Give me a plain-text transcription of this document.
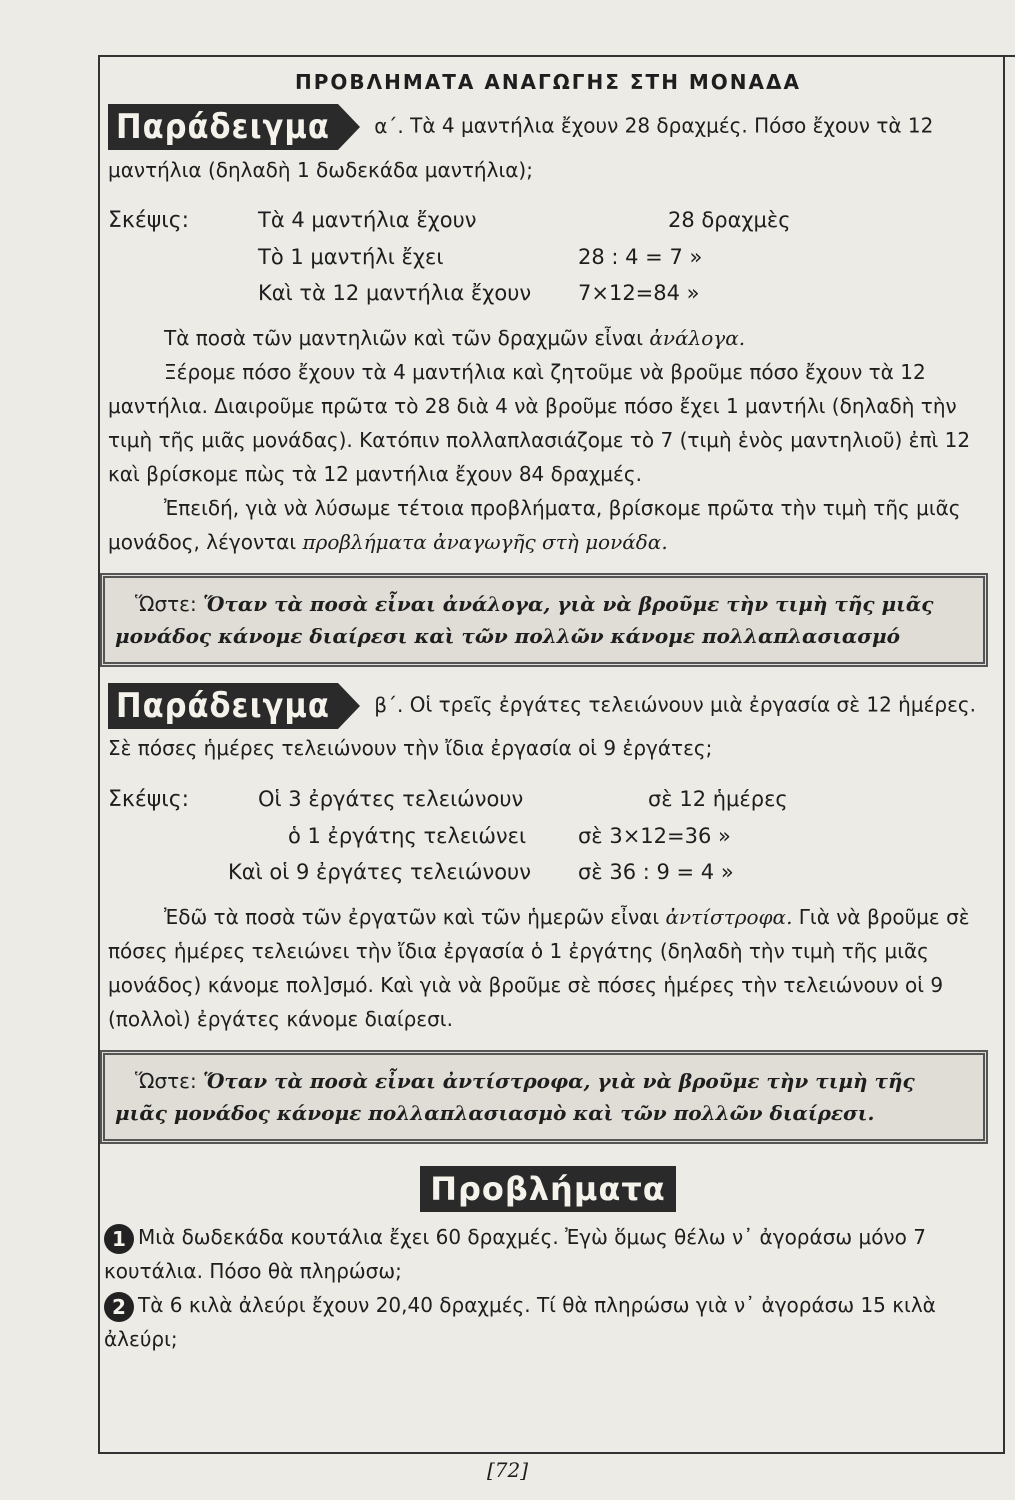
ΠΡΟΒΛΗΜΑΤΑ ΑΝΑΓΩΓΗΣ ΣΤΗ ΜΟΝΑΔΑ

Παράδειγμα α΄. Τὰ 4 μαντήλια ἔχουν 28 δραχμές. Πόσο ἔχουν τὰ 12 μαντήλια (δηλαδὴ 1 δωδεκάδα μαντήλια);

Σκέψις:	Τὰ 4 μαντήλια ἔχουν	28 δραχμὲς
Τὸ 1 μαντήλι ἔχει	28 : 4 = 7 »
Καὶ τὰ 12 μαντήλια ἔχουν 7×12=84 »

Τὰ ποσὰ τῶν μαντηλιῶν καὶ τῶν δραχμῶν εἶναι ἀνάλογα.

Ξέρομε πόσο ἔχουν τὰ 4 μαντήλια καὶ ζητοῦμε νὰ βροῦμε πόσο ἔχουν τὰ 12 μαντήλια. Διαιροῦμε πρῶτα τὸ 28 διὰ 4 νὰ βροῦμε πόσο ἔχει 1 μαντήλι (δηλαδὴ τὴν τιμὴ τῆς μιᾶς μονάδας). Κατόπιν πολλαπλασιάζομε τὸ 7 (τιμὴ ἑνὸς μαντηλιοῦ) ἐπὶ 12 καὶ βρίσκομε πὼς τὰ 12 μαντήλια ἔχουν 84 δραχμές.

Ἐπειδή, γιὰ νὰ λύσωμε τέτοια προβλήματα, βρίσκομε πρῶτα τὴν τιμὴ τῆς μιᾶς μονάδος, λέγονται προβλήματα ἀναγωγῆς στὴ μονάδα.

Ὥστε: Ὅταν τὰ ποσὰ εἶναι ἀνάλογα, γιὰ νὰ βροῦμε τὴν τιμὴ τῆς μιᾶς μονάδος κάνομε διαίρεσι καὶ τῶν πολλῶν κάνομε πολλαπλασιασμό

Παράδειγμα β΄. Οἱ τρεῖς ἐργάτες τελειώνουν μιὰ ἐργασία σὲ 12 ἡμέρες. Σὲ πόσες ἡμέρες τελειώνουν τὴν ἴδια ἐργασία οἱ 9 ἐργάτες;

Σκέψις:	Οἱ 3 ἐργάτες τελειώνουν	σὲ 12 ἡμέρες
ὁ 1 ἐργάτης τελειώνει σὲ 3×12=36 »
Καὶ οἱ 9 ἐργάτες τελειώνουν σὲ 36 : 9 = 4 »

Ἐδῶ τὰ ποσὰ τῶν ἐργατῶν καὶ τῶν ἡμερῶν εἶναι ἀντίστροφα. Γιὰ νὰ βροῦμε σὲ πόσες ἡμέρες τελειώνει τὴν ἴδια ἐργασία ὁ 1 ἐργάτης (δηλαδὴ τὴν τιμὴ τῆς μιᾶς μονάδος) κάνομε πολ]σμό. Καὶ γιὰ νὰ βροῦμε σὲ πόσες ἡμέρες τὴν τελειώνουν οἱ 9 (πολλοὶ) ἐργάτες κάνομε διαίρεσι.

Ὥστε: Ὅταν τὰ ποσὰ εἶναι ἀντίστροφα, γιὰ νὰ βροῦμε τὴν τιμὴ τῆς μιᾶς μονάδος κάνομε πολλαπλασιασμὸ καὶ τῶν πολλῶν διαίρεσι.
Προβλήματα

1 Μιὰ δωδεκάδα κουτάλια ἔχει 60 δραχμές. Ἐγὼ ὅμως θέλω ν᾽ ἀγοράσω μόνο 7 κουτάλια. Πόσο θὰ πληρώσω;

2 Τὰ 6 κιλὰ ἀλεύρι ἔχουν 20,40 δραχμές. Τί θὰ πληρώσω γιὰ ν᾽ ἀγοράσω 15 κιλὰ ἀλεύρι;

[72]
